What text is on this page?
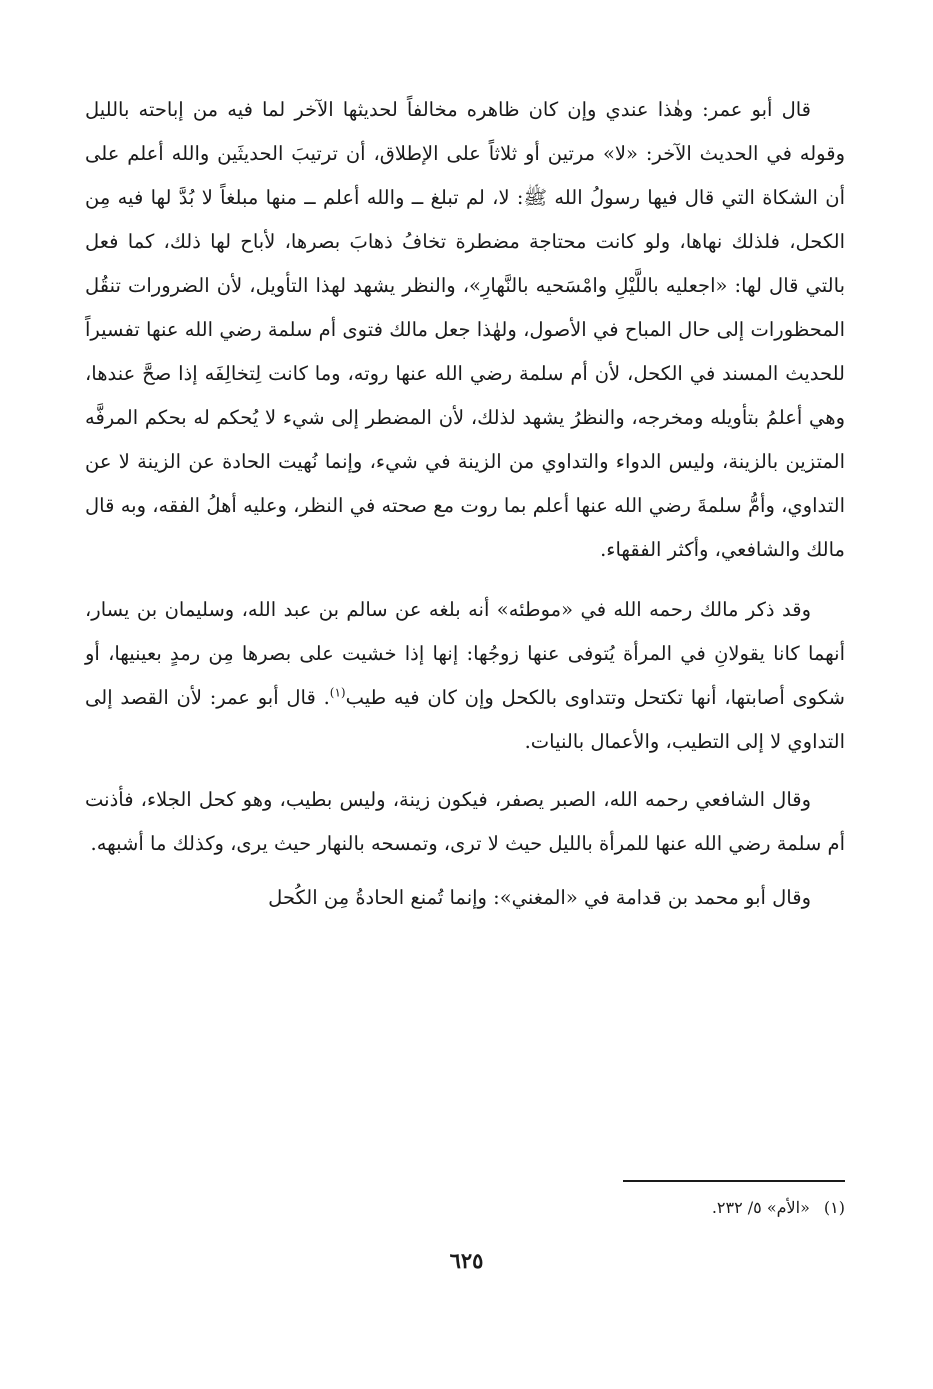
قال أبو عمر: وهٰذا عندي وإن كان ظاهره مخالفاً لحديثها الآخر لما فيه من إباحته بالليل وقوله في الحديث الآخر: «لا» مرتين أو ثلاثاً على الإطلاق، أن ترتيبَ الحديثَين والله أعلم على أن الشكاة التي قال فيها رسولُ الله ﷺ: لا، لم تبلغ ــ والله أعلم ــ منها مبلغاً لا بُدَّ لها فيه مِن الكحل، فلذلك نهاها، ولو كانت محتاجة مضطرة تخافُ ذهابَ بصرها، لأباح لها ذلك، كما فعل بالتي قال لها: «اجعليه باللَّيْلِ وامْسَحيه بالنَّهارِ»، والنظر يشهد لهذا التأويل، لأن الضرورات تنقُل المحظورات إلى حال المباح في الأصول، ولهٰذا جعل مالك فتوى أم سلمة رضي الله عنها تفسيراً للحديث المسند في الكحل، لأن أم سلمة رضي الله عنها روته، وما كانت لِتخالِفَه إذا صحَّ عندها، وهي أعلمُ بتأويله ومخرجه، والنظرُ يشهد لذلك، لأن المضطر إلى شيء لا يُحكم له بحكم المرفَّه المتزين بالزينة، وليس الدواء والتداوي من الزينة في شيء، وإنما نُهيت الحادة عن الزينة لا عن التداوي، وأمُّ سلمةَ رضي الله عنها أعلم بما روت مع صحته في النظر، وعليه أهلُ الفقه، وبه قال مالك والشافعي، وأكثر الفقهاء.

وقد ذكر مالك رحمه الله في «موطئه» أنه بلغه عن سالم بن عبد الله، وسليمان بن يسار، أنهما كانا يقولانِ في المرأة يُتوفى عنها زوجُها: إنها إذا خشيت على بصرها مِن رمدٍ بعينيها، أو شكوى أصابتها، أنها تكتحل وتتداوى بالكحل وإن كان فيه طيب$^{(١)}$. قال أبو عمر: لأن القصد إلى التداوي لا إلى التطيب، والأعمال بالنيات.

وقال الشافعي رحمه الله، الصبر يصفر، فيكون زينة، وليس بطيب، وهو كحل الجلاء، فأذنت أم سلمة رضي الله عنها للمرأة بالليل حيث لا ترى، وتمسحه بالنهار حيث يرى، وكذلك ما أشبهه.

وقال أبو محمد بن قدامة في «المغني»: وإنما تُمنع الحادةُ مِن الكُحل

(١)«الأم» ٥/ ٢٣٢.
٦٢٥
